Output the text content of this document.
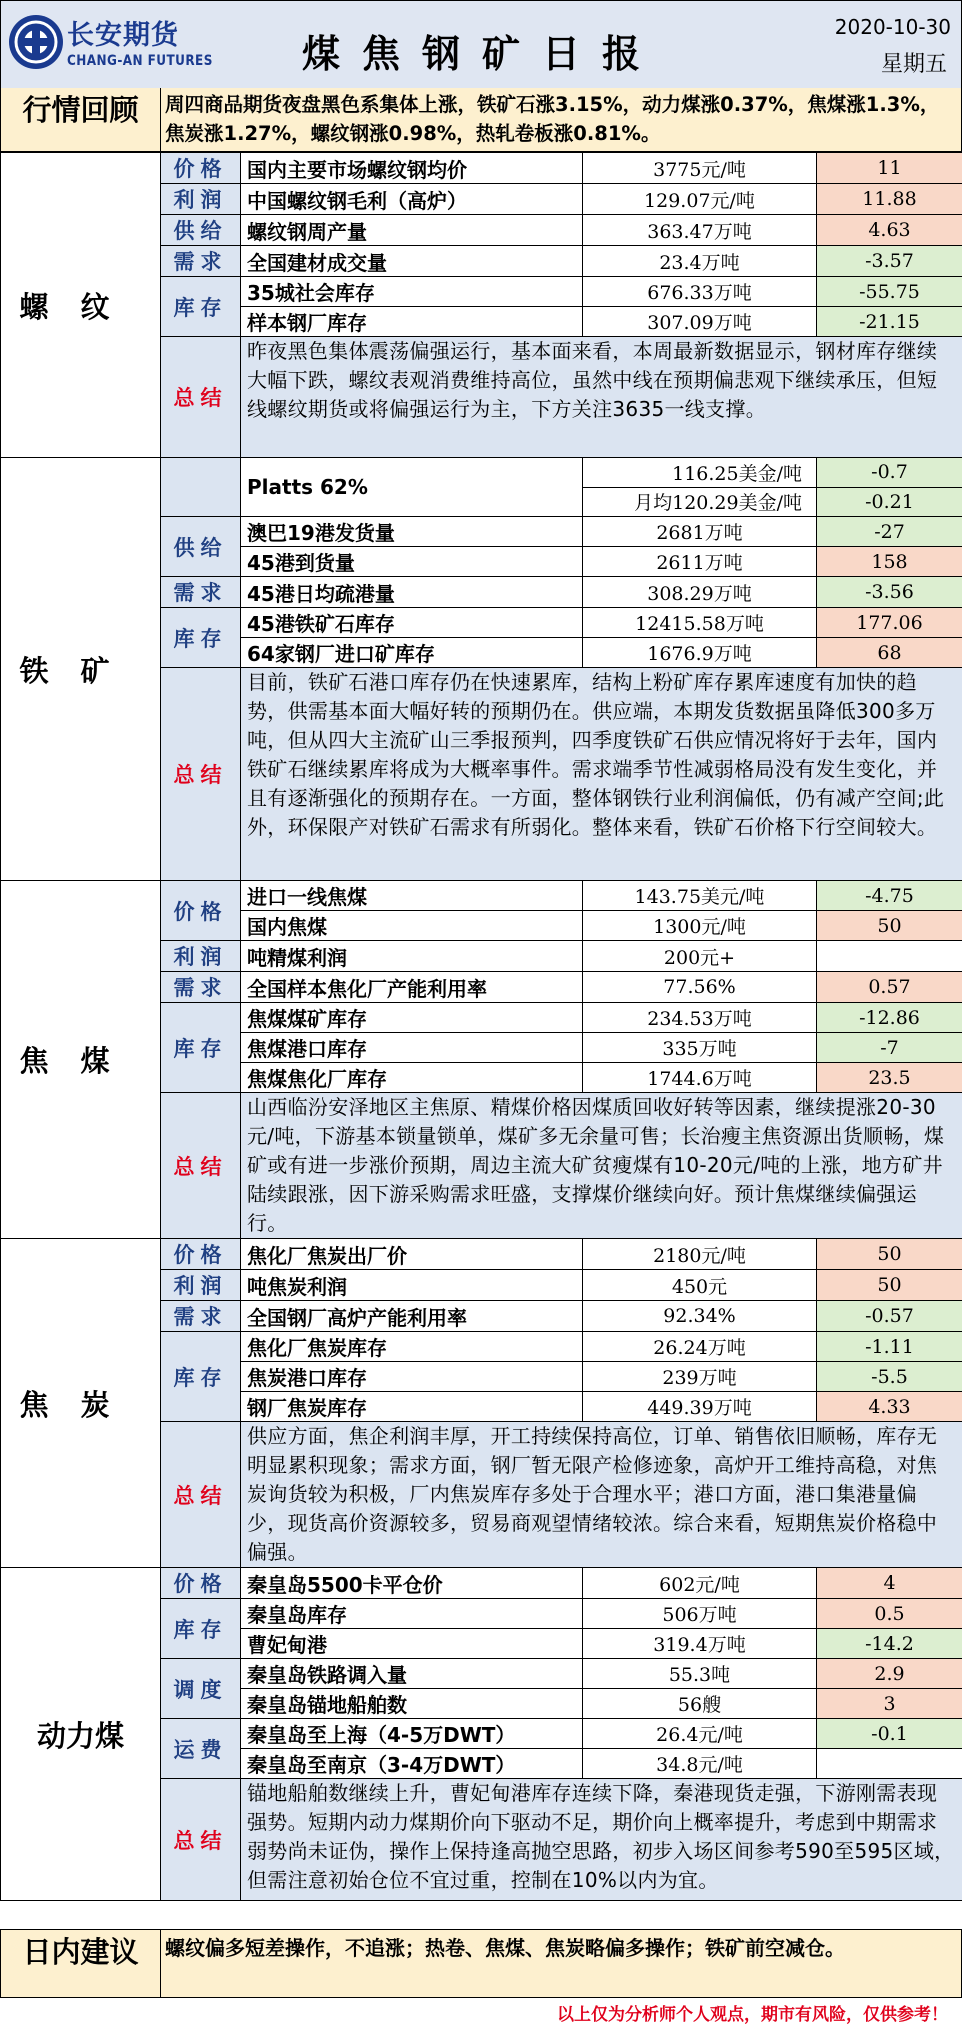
长安期货
CHANG-AN FUTURES	煤焦钢矿日报
2020-10-30
星期五
行情回顾	周四商品期货夜盘黑色系集体上涨，铁矿石涨3.15%，动力煤涨0.37%，焦煤涨1.3%，焦炭涨1.27%，螺纹钢涨0.98%，热轧卷板涨0.81%。
螺纹	价格	国内主要市场螺纹钢均价	3775元/吨	11
	利润	中国螺纹钢毛利（高炉）	129.07元/吨	11.88
	供给	螺纹钢周产量	363.47万吨	4.63
	需求	全国建材成交量	23.4万吨	-3.57
	库存	35城社会库存	676.33万吨	-55.75
		样本钢厂库存	307.09万吨	-21.15
	总结	昨夜黑色集体震荡偏强运行，基本面来看，本周最新数据显示，钢材库存继续大幅下跌，螺纹表观消费维持高位，虽然中线在预期偏悲观下继续承压，但短线螺纹期货或将偏强运行为主，下方关注3635一线支撑。		
铁矿		Platts 62%	116.25美金/吨	-0.7
			月均120.29美金/吨	-0.21
	供给	澳巴19港发货量	2681万吨	-27
		45港到货量	2611万吨	158
	需求	45港日均疏港量	308.29万吨	-3.56
	库存	45港铁矿石库存	12415.58万吨	177.06
		64家钢厂进口矿库存	1676.9万吨	68
	总结	目前，铁矿石港口库存仍在快速累库，结构上粉矿库存累库速度有加快的趋势，供需基本面大幅好转的预期仍在。供应端，本期发货数据虽降低300多万吨，但从四大主流矿山三季报预判，四季度铁矿石供应情况将好于去年，国内铁矿石继续累库将成为大概率事件。需求端季节性减弱格局没有发生变化，并且有逐渐强化的预期存在。一方面，整体钢铁行业利润偏低，仍有减产空间;此外，环保限产对铁矿石需求有所弱化。整体来看，铁矿石价格下行空间较大。		
焦煤	价格	进口一线焦煤	143.75美元/吨	-4.75
		国内焦煤	1300元/吨	50
	利润	吨精煤利润	200元+	
	需求	全国样本焦化厂产能利用率	77.56%	0.57
	库存	焦煤煤矿库存	234.53万吨	-12.86
		焦煤港口库存	335万吨	-7
		焦煤焦化厂库存	1744.6万吨	23.5
	总结	山西临汾安泽地区主焦原、精煤价格因煤质回收好转等因素，继续提涨20-30元/吨，下游基本锁量锁单，煤矿多无余量可售；长治瘦主焦资源出货顺畅，煤矿或有进一步涨价预期，周边主流大矿贫瘦煤有10-20元/吨的上涨，地方矿井陆续跟涨，因下游采购需求旺盛，支撑煤价继续向好。预计焦煤继续偏强运行。		
焦炭	价格	焦化厂焦炭出厂价	2180元/吨	50
	利润	吨焦炭利润	450元	50
	需求	全国钢厂高炉产能利用率	92.34%	-0.57
	库存	焦化厂焦炭库存	26.24万吨	-1.11
		焦炭港口库存	239万吨	-5.5
		钢厂焦炭库存	449.39万吨	4.33
	总结	供应方面，焦企利润丰厚，开工持续保持高位，订单、销售依旧顺畅，库存无明显累积现象；需求方面，钢厂暂无限产检修迹象，高炉开工维持高稳，对焦炭询货较为积极，厂内焦炭库存多处于合理水平；港口方面，港口集港量偏少，现货高价资源较多，贸易商观望情绪较浓。综合来看，短期焦炭价格稳中偏强。		
动力煤	价格	秦皇岛5500卡平仓价	602元/吨	4
	库存	秦皇岛库存	506万吨	0.5
		曹妃甸港	319.4万吨	-14.2
	调度	秦皇岛铁路调入量	55.3吨	2.9
		秦皇岛锚地船舶数	56艘	3
	运费	秦皇岛至上海（4-5万DWT）	26.4元/吨	-0.1
		秦皇岛至南京（3-4万DWT）	34.8元/吨	
	总结	锚地船舶数继续上升，曹妃甸港库存连续下降，秦港现货走强，下游刚需表现强势。短期内动力煤期价向下驱动不足，期价向上概率提升，考虑到中期需求弱势尚未证伪，操作上保持逢高抛空思路，初步入场区间参考590至595区域，但需注意初始仓位不宜过重，控制在10%以内为宜。		
日内建议	螺纹偏多短差操作，不追涨；热卷、焦煤、焦炭略偏多操作；铁矿前空减仓。
以上仅为分析师个人观点，期市有风险，仅供参考！
